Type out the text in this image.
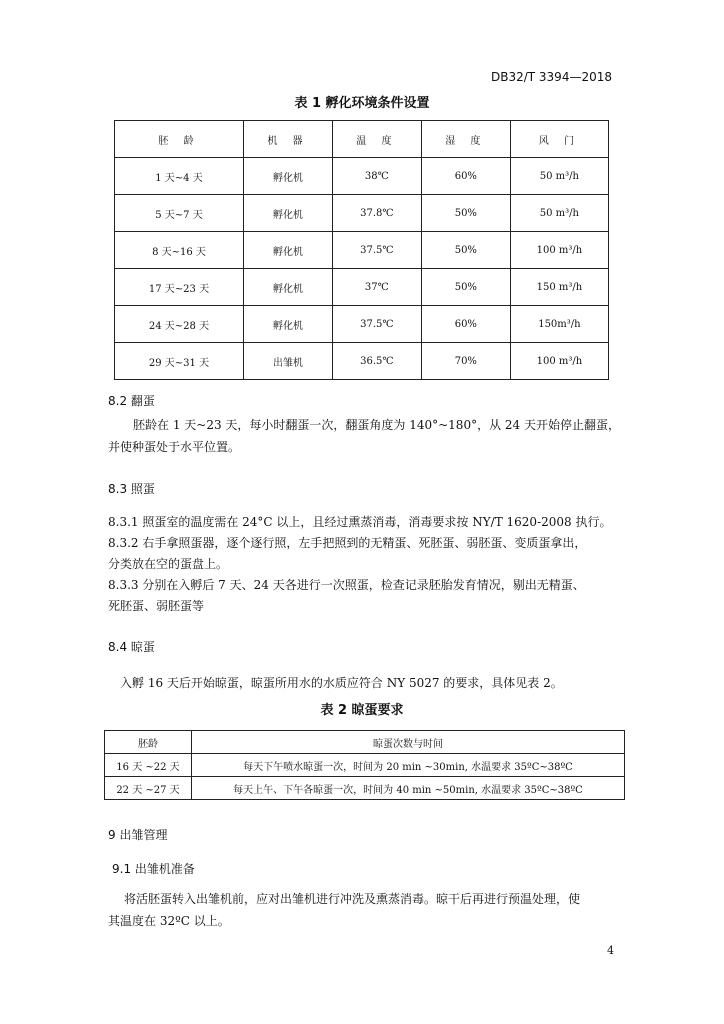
DB32/T 3394—2018
表 1 孵化环境条件设置
胚 龄	机 器	温 度	湿 度	风 门
1 天~4 天	孵化机	38℃	60%	50 m³/h
5 天~7 天	孵化机	37.8℃	50%	50 m³/h
8 天~16 天	孵化机	37.5℃	50%	100 m³/h
17 天~23 天	孵化机	37℃	50%	150 m³/h
24 天~28 天	孵化机	37.5℃	60%	150m³/h
29 天~31 天	出雏机	36.5℃	70%	100 m³/h
8.2 翻蛋
胚龄在 1 天~23 天，每小时翻蛋一次，翻蛋角度为 140°~180°，从 24 天开始停止翻蛋，
并使种蛋处于水平位置。
8.3 照蛋
8.3.1 照蛋室的温度需在 24°C 以上，且经过熏蒸消毒，消毒要求按 NY/T 1620-2008 执行。
8.3.2 右手拿照蛋器，逐个逐行照，左手把照到的无精蛋、死胚蛋、弱胚蛋、变质蛋拿出，
分类放在空的蛋盘上。
8.3.3 分别在入孵后 7 天、24 天各进行一次照蛋，检查记录胚胎发育情况，剔出无精蛋、
死胚蛋、弱胚蛋等
8.4 晾蛋
入孵 16 天后开始晾蛋，晾蛋所用水的水质应符合 NY 5027 的要求，具体见表 2。
表 2 晾蛋要求
胚龄	晾蛋次数与时间
16 天 ~22 天	每天下午喷水晾蛋一次，时间为 20 min ~30min, 水温要求 35ºC~38ºC
22 天 ~27 天	每天上午、下午各晾蛋一次，时间为 40 min ~50min, 水温要求 35ºC~38ºC
9 出雏管理
9.1 出雏机准备
将活胚蛋转入出雏机前，应对出雏机进行冲洗及熏蒸消毒。晾干后再进行预温处理，使
其温度在 32ºC 以上。
4
